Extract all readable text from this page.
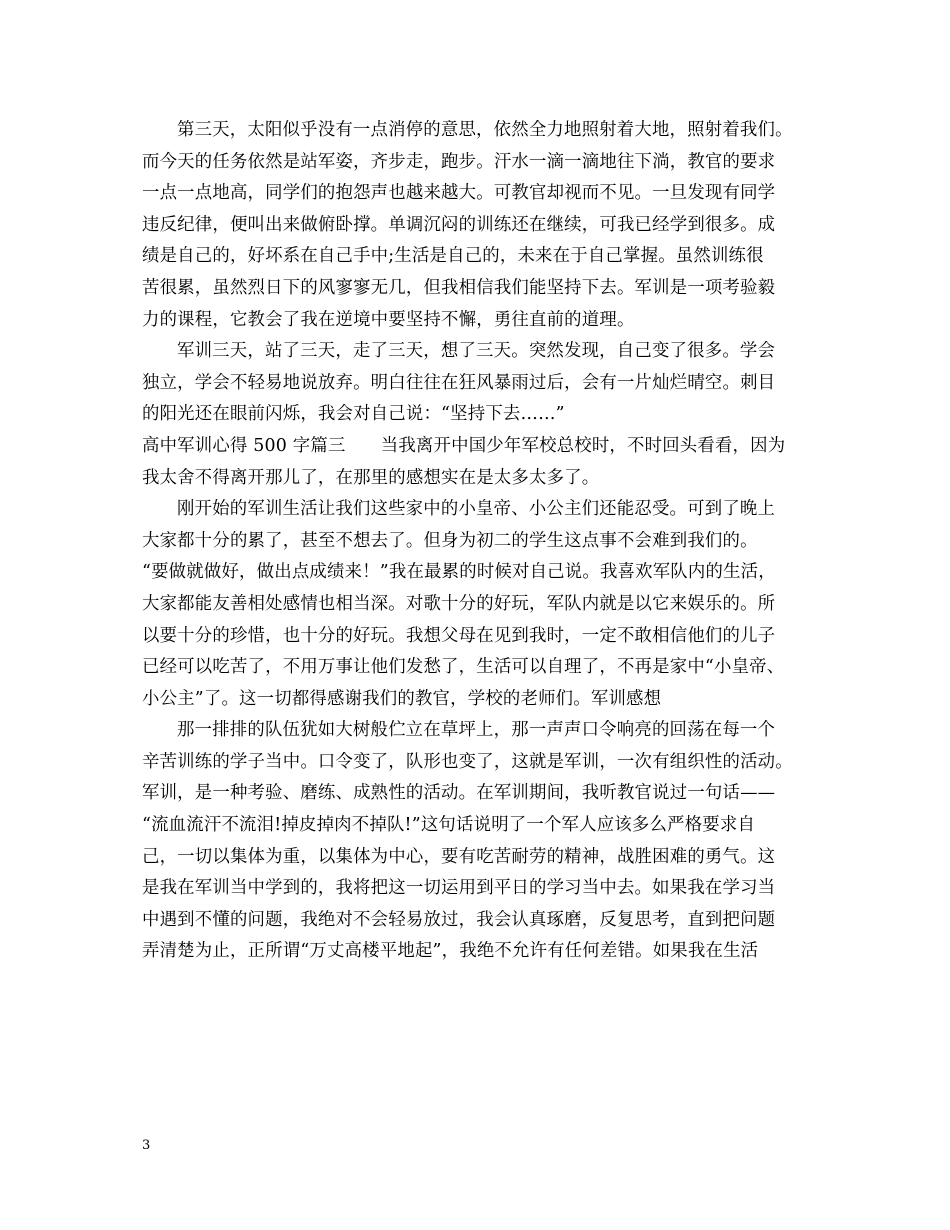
第三天，太阳似乎没有一点消停的意思，依然全力地照射着大地，照射着我们。
而今天的任务依然是站军姿，齐步走，跑步。汗水一滴一滴地往下淌，教官的要求
一点一点地高，同学们的抱怨声也越来越大。可教官却视而不见。一旦发现有同学
违反纪律，便叫出来做俯卧撑。单调沉闷的训练还在继续，可我已经学到很多。成
绩是自己的，好坏系在自己手中;生活是自己的，未来在于自己掌握。虽然训练很
苦很累，虽然烈日下的风寥寥无几，但我相信我们能坚持下去。军训是一项考验毅
力的课程，它教会了我在逆境中要坚持不懈，勇往直前的道理。
军训三天，站了三天，走了三天，想了三天。突然发现，自己变了很多。学会
独立，学会不轻易地说放弃。明白往往在狂风暴雨过后，会有一片灿烂晴空。刺目
的阳光还在眼前闪烁，我会对自己说：“坚持下去……”
高中军训心得 500 字篇三　　当我离开中国少年军校总校时，不时回头看看，因为
我太舍不得离开那儿了，在那里的感想实在是太多太多了。
刚开始的军训生活让我们这些家中的小皇帝、小公主们还能忍受。可到了晚上
大家都十分的累了，甚至不想去了。但身为初二的学生这点事不会难到我们的。
“要做就做好，做出点成绩来！”我在最累的时候对自己说。我喜欢军队内的生活，
大家都能友善相处感情也相当深。对歌十分的好玩，军队内就是以它来娱乐的。所
以要十分的珍惜，也十分的好玩。我想父母在见到我时，一定不敢相信他们的儿子
已经可以吃苦了，不用万事让他们发愁了，生活可以自理了，不再是家中“小皇帝、
小公主”了。这一切都得感谢我们的教官，学校的老师们。军训感想
那一排排的队伍犹如大树般伫立在草坪上，那一声声口令响亮的回荡在每一个
辛苦训练的学子当中。口令变了，队形也变了，这就是军训，一次有组织性的活动。
军训，是一种考验、磨练、成熟性的活动。在军训期间，我听教官说过一句话——
“流血流汗不流泪!掉皮掉肉不掉队!”这句话说明了一个军人应该多么严格要求自
己，一切以集体为重，以集体为中心，要有吃苦耐劳的精神，战胜困难的勇气。这
是我在军训当中学到的，我将把这一切运用到平日的学习当中去。如果我在学习当
中遇到不懂的问题，我绝对不会轻易放过，我会认真琢磨，反复思考，直到把问题
弄清楚为止，正所谓“万丈高楼平地起”，我绝不允许有任何差错。如果我在生活
3
